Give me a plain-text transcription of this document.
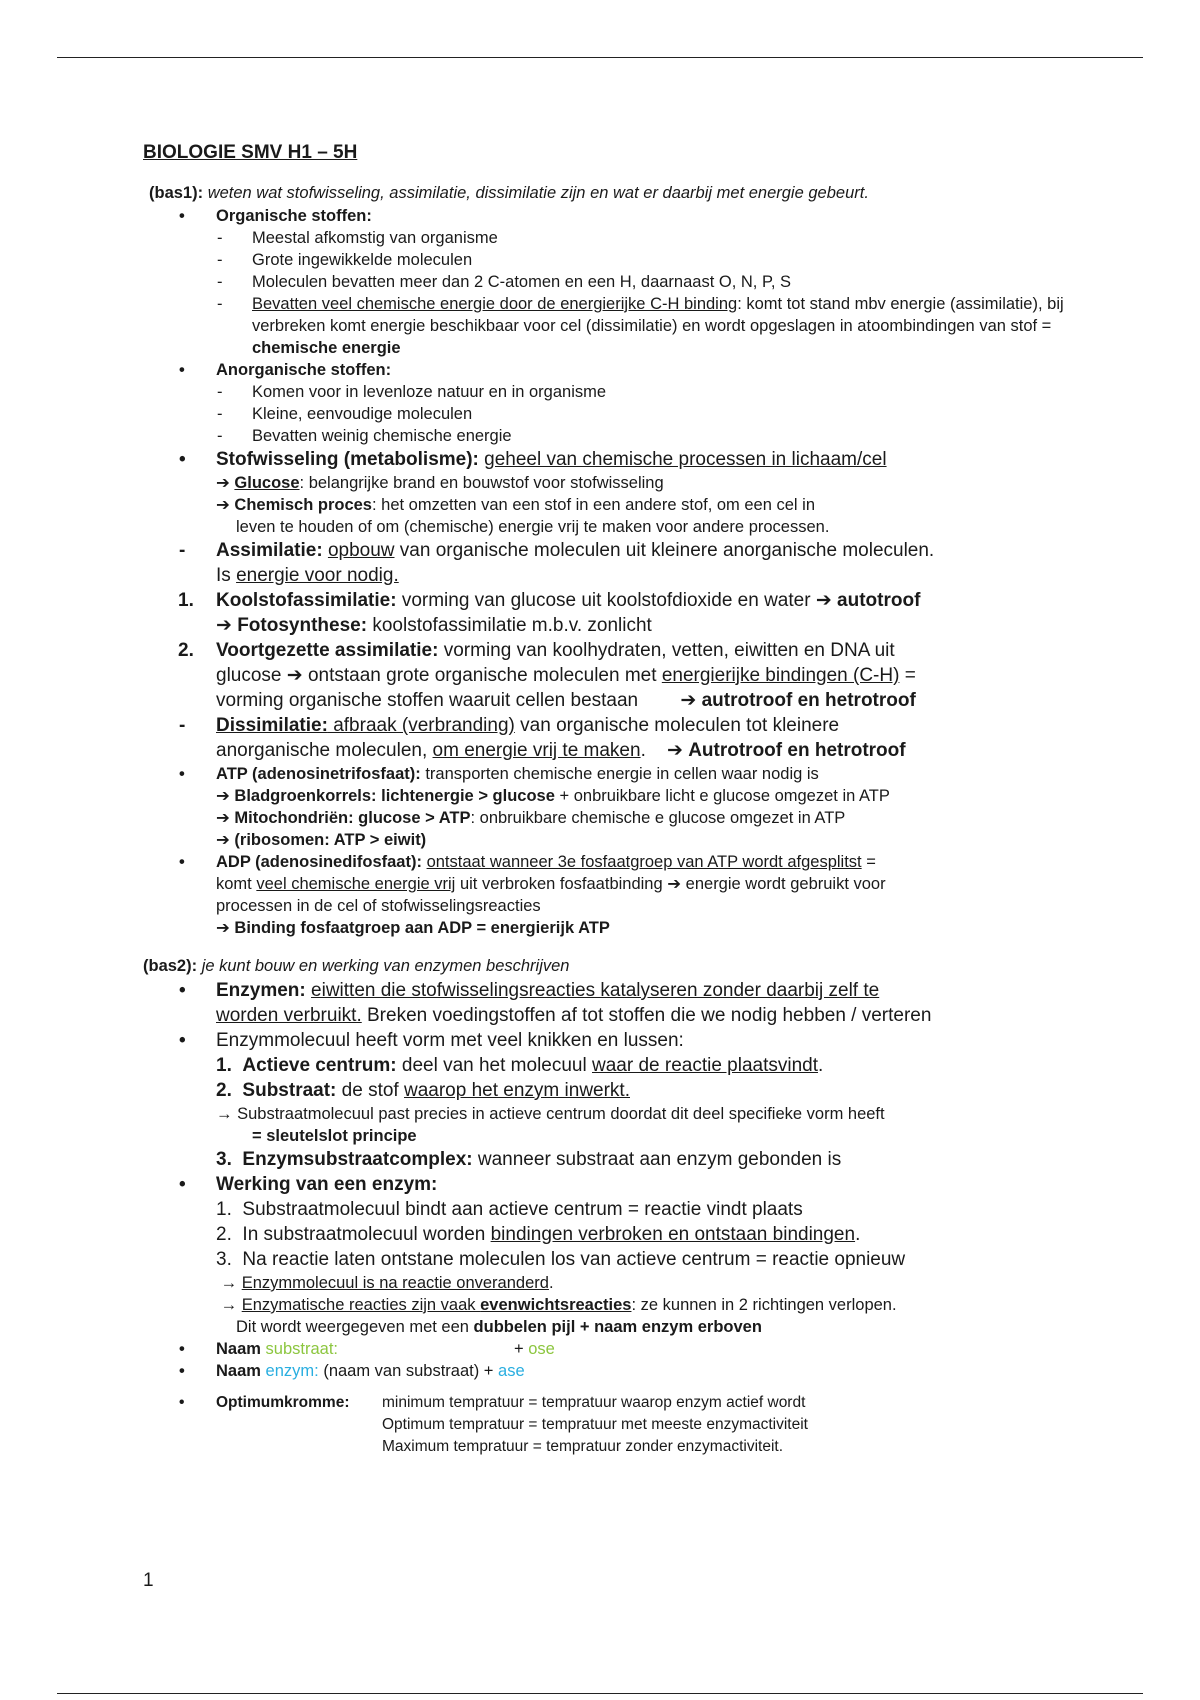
BIOLOGIE SMV H1 – 5H
(bas1): weten wat stofwisseling, assimilatie, dissimilatie zijn en wat er daarbij met energie gebeurt.
• Organische stoffen:
- Meestal afkomstig van organisme
- Grote ingewikkelde moleculen
- Moleculen bevatten meer dan 2 C-atomen en een H, daarnaast O, N, P, S
- Bevatten veel chemische energie door de energierijke C-H binding: komt tot stand mbv energie (assimilatie), bij verbreken komt energie beschikbaar voor cel (dissimilatie) en wordt opgeslagen in atoombindingen van stof = chemische energie
• Anorganische stoffen:
- Komen voor in levenloze natuur en in organisme
- Kleine, eenvoudige moleculen
- Bevatten weinig chemische energie
• Stofwisseling (metabolisme): geheel van chemische processen in lichaam/cel
➔ Glucose: belangrijke brand en bouwstof voor stofwisseling
➔ Chemisch proces: het omzetten van een stof in een andere stof, om een cel in
leven te houden of om (chemische) energie vrij te maken voor andere processen.
- Assimilatie: opbouw van organische moleculen uit kleinere anorganische moleculen.
Is energie voor nodig.
1. Koolstofassimilatie: vorming van glucose uit koolstofdioxide en water ➔ autotroof
➔ Fotosynthese: koolstofassimilatie m.b.v. zonlicht
2. Voortgezette assimilatie: vorming van koolhydraten, vetten, eiwitten en DNA uit
glucose ➔ ontstaan grote organische moleculen met energierijke bindingen (C-H) =
vorming organische stoffen waaruit cellen bestaan ➔ autrotroof en hetrotroof
- Dissimilatie: afbraak (verbranding) van organische moleculen tot kleinere
anorganische moleculen, om energie vrij te maken. ➔ Autrotroof en hetrotroof
• ATP (adenosinetrifosfaat): transporten chemische energie in cellen waar nodig is
➔ Bladgroenkorrels: lichtenergie > glucose + onbruikbare licht e glucose omgezet in ATP
➔ Mitochondriën: glucose > ATP: onbruikbare chemische e glucose omgezet in ATP
➔ (ribosomen: ATP > eiwit)
• ADP (adenosinedifosfaat): ontstaat wanneer 3e fosfaatgroep van ATP wordt afgesplitst =
komt veel chemische energie vrij uit verbroken fosfaatbinding ➔ energie wordt gebruikt voor
processen in de cel of stofwisselingsreacties
➔ Binding fosfaatgroep aan ADP = energierijk ATP
(bas2): je kunt bouw en werking van enzymen beschrijven
• Enzymen: eiwitten die stofwisselingsreacties katalyseren zonder daarbij zelf te
worden verbruikt. Breken voedingstoffen af tot stoffen die we nodig hebben / verteren
• Enzymmolecuul heeft vorm met veel knikken en lussen:
1. Actieve centrum: deel van het molecuul waar de reactie plaatsvindt.
2. Substraat: de stof waarop het enzym inwerkt.
→ Substraatmolecuul past precies in actieve centrum doordat dit deel specifieke vorm heeft
= sleutelslot principe
3. Enzymsubstraatcomplex: wanneer substraat aan enzym gebonden is
• Werking van een enzym:
1. Substraatmolecuul bindt aan actieve centrum = reactie vindt plaats
2. In substraatmolecuul worden bindingen verbroken en ontstaan bindingen.
3. Na reactie laten ontstane moleculen los van actieve centrum = reactie opnieuw
→ Enzymmolecuul is na reactie onveranderd.
→ Enzymatische reacties zijn vaak evenwichtsreacties: ze kunnen in 2 richtingen verlopen.
Dit wordt weergegeven met een dubbelen pijl + naam enzym erboven
• Naam substraat:	+ ose
• Naam enzym: (naam van substraat) + ase
• Optimumkromme: minimum tempratuur = tempratuur waarop enzym actief wordt
Optimum tempratuur = tempratuur met meeste enzymactiviteit
Maximum tempratuur = tempratuur zonder enzymactiviteit.
1
